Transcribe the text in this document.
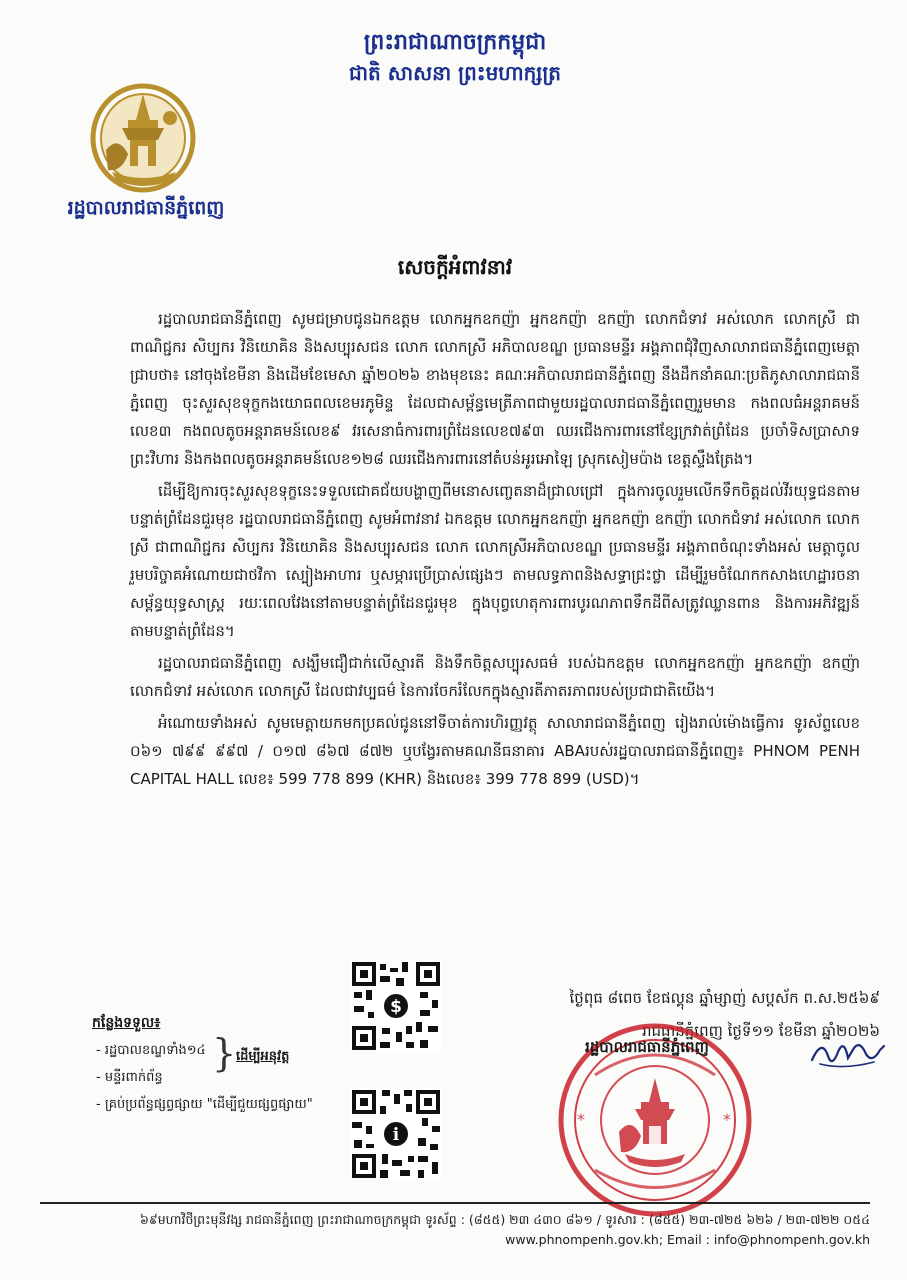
ព្រះរាជាណាចក្រកម្ពុជា
ជាតិ សាសនា ព្រះមហាក្សត្រ
រដ្ឋបាលរាជធានីភ្នំពេញ
សេចក្តីអំពាវនាវ

រដ្ឋបាលរាជធានីភ្នំពេញ សូមជម្រាបជូនឯកឧត្តម លោកអ្នកឧកញ៉ា អ្នកឧកញ៉ា ឧកញ៉ា លោកជំទាវ អស់លោក លោកស្រី ជាពាណិជ្ជករ សិប្បករ វិនិយោគិន និងសប្បុរសជន លោក លោកស្រី អភិបាលខណ្ឌ ប្រធានមន្ទីរ អង្គភាពជុំវិញសាលារាជធានីភ្នំពេញមេត្តាជ្រាបថា៖ នៅចុងខែមីនា និងដើមខែមេសា ឆ្នាំ២០២៦ ខាងមុខនេះ គណៈអភិបាលរាជធានីភ្នំពេញ នឹងដឹកនាំគណៈប្រតិភូសាលារាជធានីភ្នំពេញ ចុះសួរសុខទុក្ខកងយោធពលខេមរភូមិន្ទ ដែលជាសម្ព័ន្ធមេត្រីភាពជាមួយរដ្ឋបាលរាជធានីភ្នំពេញរួមមាន កងពលធំអន្តរាគមន៍លេខ៣ កងពលតូចអន្តរាគមន៍លេខ៩ វរសេនាធំការពារព្រំដែនលេខ៧៩៣ ឈរជើងការពារនៅខ្សែក្រវាត់ព្រំដែន ប្រចាំទិសប្រាសាទព្រះវិហារ និងកងពលតូចអន្តរាគមន៍លេខ១២៨ ឈរជើងការពារនៅតំបន់អូរអោឡៃ ស្រុកសៀមប៉ាង ខេត្តស្ទឹងត្រែង។

ដើម្បីឱ្យការចុះសួរសុខទុក្ខនេះទទួលជោគជ័យបង្ហាញពីមនោសញ្ចេតនាដ៏ជ្រាលជ្រៅ ក្នុងការចូលរួមលើកទឹកចិត្តដល់វីរយុទ្ធជនតាមបន្ទាត់ព្រំដែនជួរមុខ រដ្ឋបាលរាជធានីភ្នំពេញ សូមអំពាវនាវ ឯកឧត្តម លោកអ្នកឧកញ៉ា អ្នកឧកញ៉ា ឧកញ៉ា លោកជំទាវ អស់លោក លោកស្រី ជាពាណិជ្ជករ សិប្បករ វិនិយោគិន និងសប្បុរសជន លោក លោកស្រីអភិបាលខណ្ឌ ប្រធានមន្ទីរ អង្គភាពចំណុះទាំងអស់ មេត្តាចូលរួមបរិច្ចាគអំណោយជាថវិកា ស្បៀងអាហារ ឬសម្ភារប្រើប្រាស់ផ្សេងៗ តាមលទ្ធភាពនិងសទ្ធាជ្រះថ្លា ដើម្បីរួមចំណែកកសាងហេដ្ឋារចនាសម្ព័ន្ធយុទ្ធសាស្ត្រ រយៈពេលវែងនៅតាមបន្ទាត់ព្រំដែនជួរមុខ ក្នុងបុព្វហេតុការពារបូរណភាពទឹកដីពីសត្រូវឈ្លានពាន និងការអភិវឌ្ឍន៍ តាមបន្ទាត់ព្រំដែន។

រដ្ឋបាលរាជធានីភ្នំពេញ សង្ឃឹមជឿជាក់លើស្មារតី និងទឹកចិត្តសប្បុរសធម៌ របស់ឯកឧត្តម លោកអ្នកឧកញ៉ា អ្នកឧកញ៉ា ឧកញ៉ា លោកជំទាវ អស់លោក លោកស្រី ដែលជាវប្បធម៌ នៃការចែករំលែកក្នុងស្មារតីភាតរភាពរបស់ប្រជាជាតិយើង។

អំណោយទាំងអស់ សូមមេត្តាយកមកប្រគល់ជូននៅទីចាត់ការហិរញ្ញវត្ថុ សាលារាជធានីភ្នំពេញ រៀងរាល់ម៉ោងធ្វើការ ទូរស័ព្ទលេខ ០៦១ ៧៩៩ ៩៩៧ / ០១៧ ៨៦៧ ៨៧២ ឬបង្វែរតាមគណនីធនាគារ ABAរបស់រដ្ឋបាលរាជធានីភ្នំពេញ៖ PHNOM PENH CAPITAL HALL លេខ៖ 599 778 899 (KHR) និងលេខ៖ 399 778 899 (USD)។

$
i
ថ្ងៃពុធ ៨ពេច ខែផល្គុន ឆ្នាំម្សាញ់ សប្តស័ក ព.ស.២៥៦៩
រាជធានីភ្នំពេញ ថ្ងៃទី១១ ខែមីនា ឆ្នាំ២០២៦
កន្លែងទទួល៖
- រដ្ឋបាលខណ្ឌទាំង១៤
- មន្ទីរពាក់ព័ន្ធ
- គ្រប់ប្រព័ន្ធផ្សព្វផ្សាយ "ដើម្បីជួយផ្សព្វផ្សាយ"
} ដើម្បីអនុវត្ត
*	*
រដ្ឋបាលរាជធានីភ្នំពេញ
៦៩មហាវិថីព្រះមុនីវង្ស រាជធានីភ្នំពេញ ព្រះរាជាណាចក្រកម្ពុជា ទូរស័ព្ទ : (៨៥៥) ២៣ ៤៣០ ៨៦១ / ទូរសារ : (៨៥៥) ២៣-៧២៥ ៦២៦ / ២៣-៧២២ ០៥៤
www.phnompenh.gov.kh; Email : info@phnompenh.gov.kh
